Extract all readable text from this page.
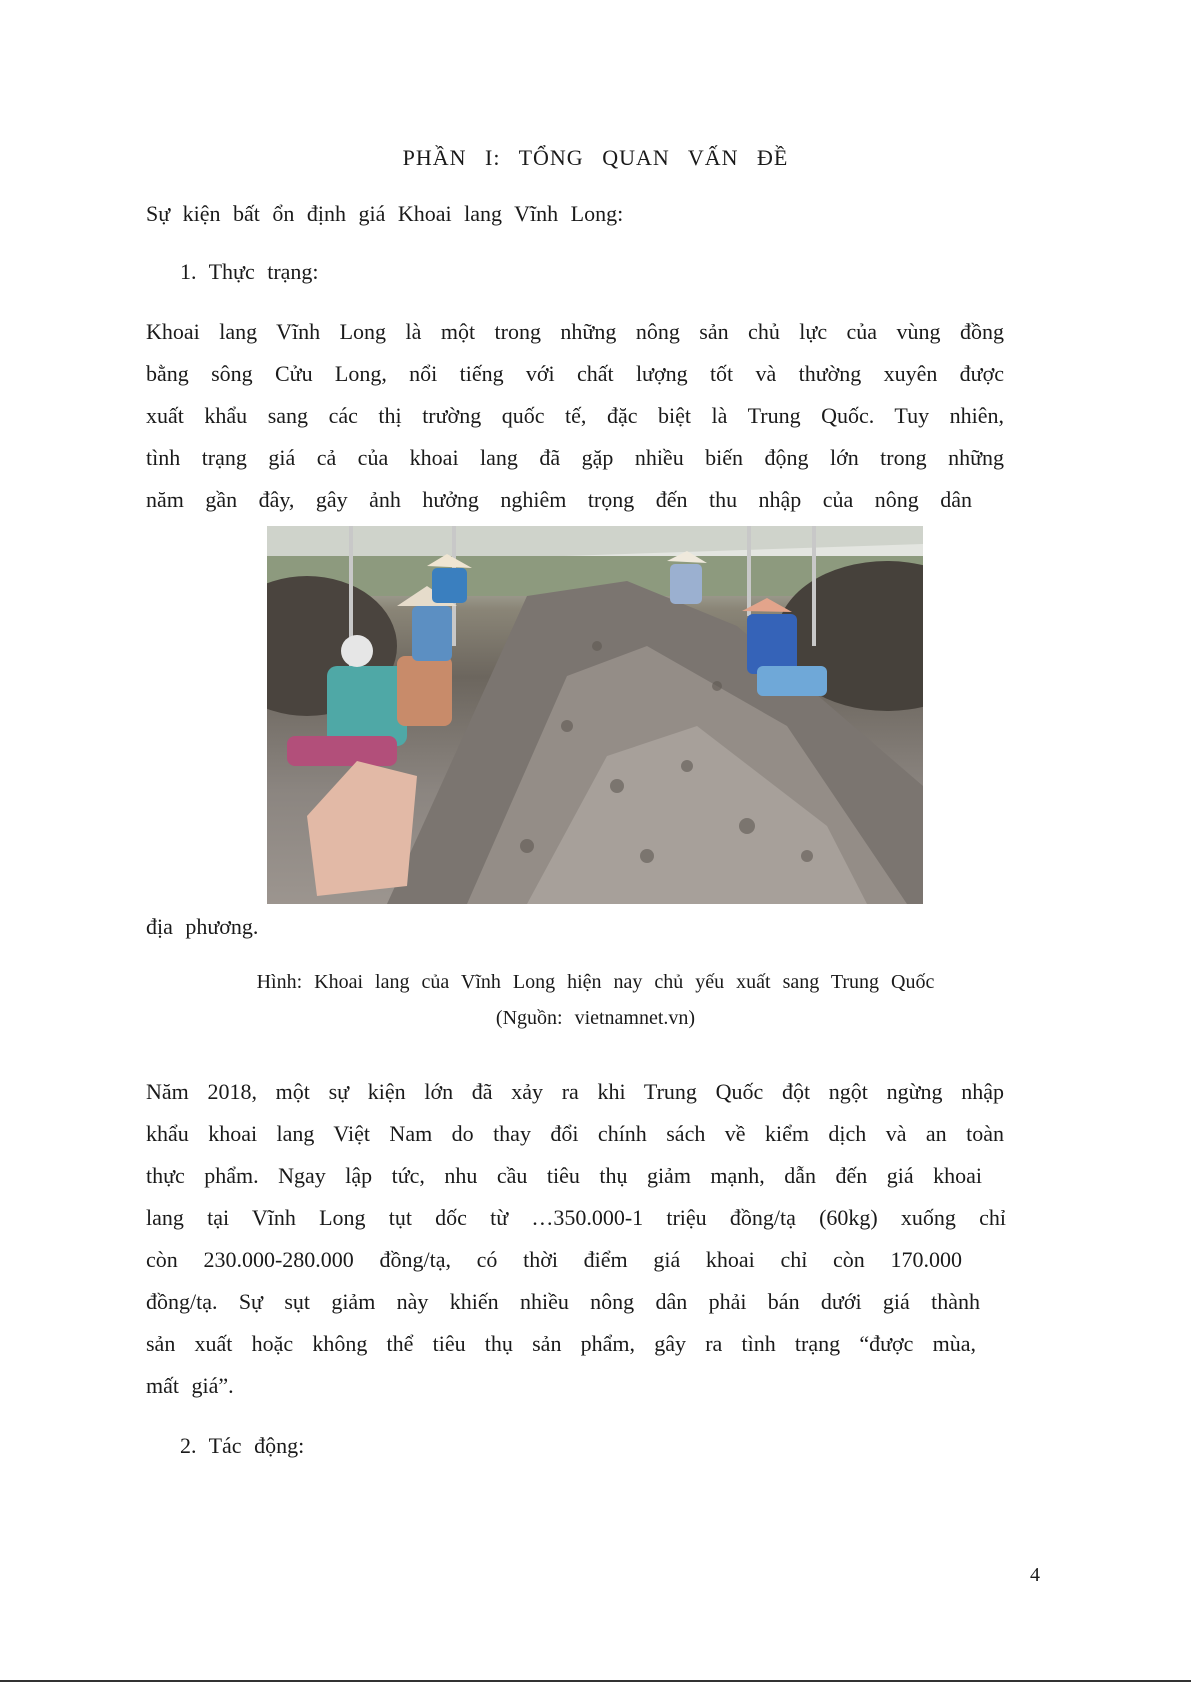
PHẦN I: TỔNG QUAN VẤN ĐỀ
Sự kiện bất ổn định giá Khoai lang Vĩnh Long:
1. Thực trạng:
Khoai lang Vĩnh Long là một trong những nông sản chủ lực của vùng đồng
bằng sông Cửu Long, nổi tiếng với chất lượng tốt và thường xuyên được
xuất khẩu sang các thị trường quốc tế, đặc biệt là Trung Quốc. Tuy nhiên,
tình trạng giá cả của khoai lang đã gặp nhiều biến động lớn trong những
năm gần đây, gây ảnh hưởng nghiêm trọng đến thu nhập của nông dân
địa phương.
Hình: Khoai lang của Vĩnh Long hiện nay chủ yếu xuất sang Trung Quốc
(Nguồn: vietnamnet.vn)
Năm 2018, một sự kiện lớn đã xảy ra khi Trung Quốc đột ngột ngừng nhập
khẩu khoai lang Việt Nam do thay đổi chính sách về kiểm dịch và an toàn
thực phẩm. Ngay lập tức, nhu cầu tiêu thụ giảm mạnh, dẫn đến giá khoai
lang tại Vĩnh Long tụt dốc từ …350.000-1 triệu đồng/tạ (60kg) xuống chỉ
còn 230.000-280.000 đồng/tạ, có thời điểm giá khoai chỉ còn 170.000
đồng/tạ. Sự sụt giảm này khiến nhiều nông dân phải bán dưới giá thành
sản xuất hoặc không thể tiêu thụ sản phẩm, gây ra tình trạng “được mùa,
mất giá”.
2. Tác động:
4
